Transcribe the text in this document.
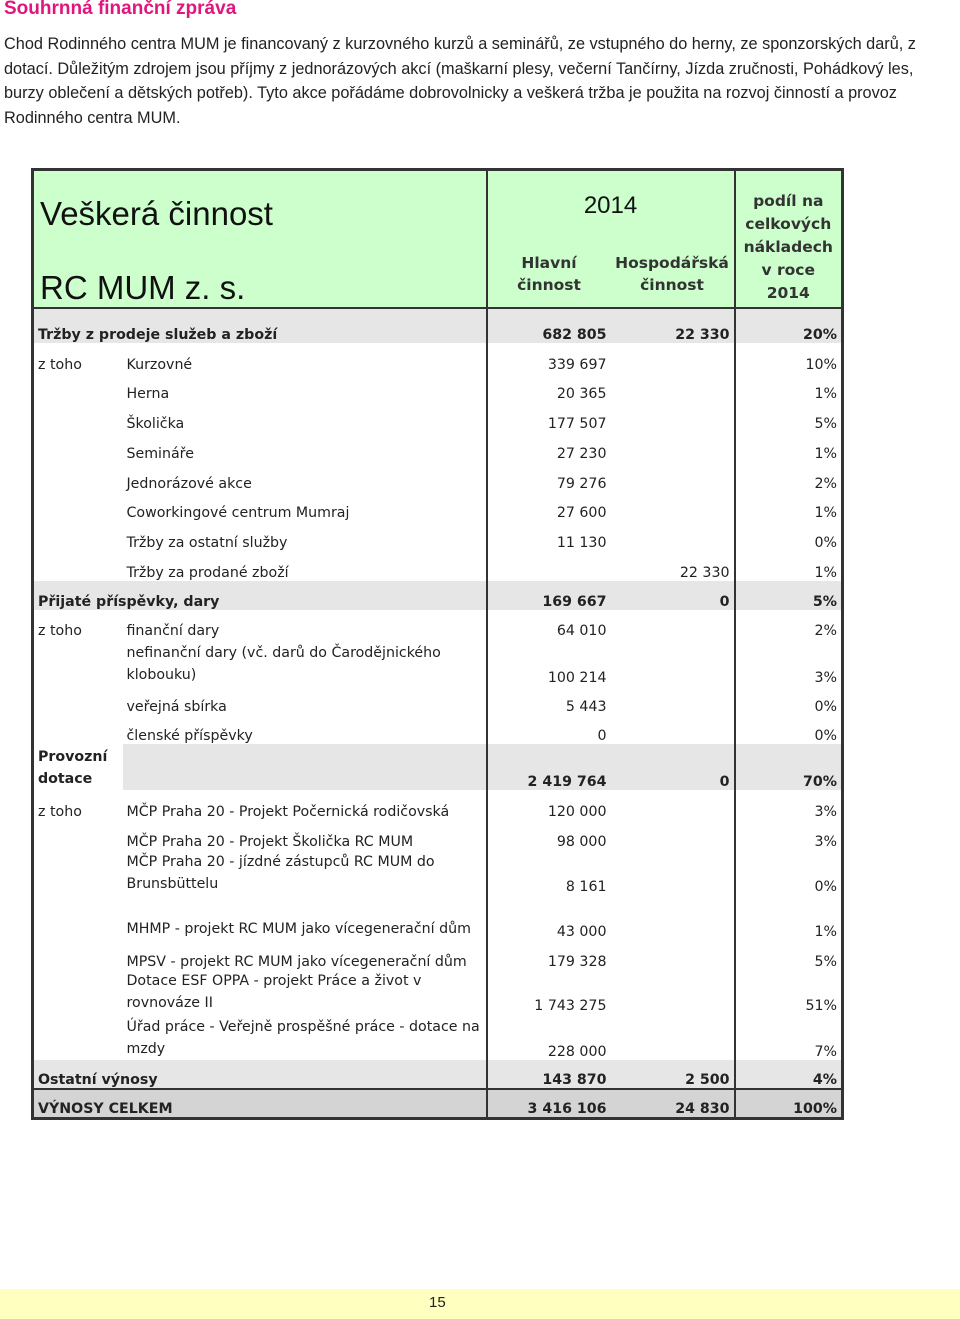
Souhrnná finanční zpráva

Chod Rodinného centra MUM je financovaný z kurzovného kurzů a seminářů, ze vstupného do herny, ze sponzorských darů, z dotací. Důležitým zdrojem jsou příjmy z jednorázových akcí (maškarní plesy, večerní Tančírny, Jízda zručnosti, Pohádkový les, burzy oblečení a dětských potřeb). Tyto akce pořádáme dobrovolnicky a veškerá tržba je použita na rozvoj činností a provoz Rodinného centra MUM.

Veškerá činnost
RC MUM z. s.		2014		podíl na celkových nákladech v roce 2014
		Hlavní činnost	Hospodářská činnost	
Tržby z prodeje služeb a zboží		682 805	22 330	20%
z toho	Kurzovné	339 697		10%
	Herna	20 365		1%
	Školička	177 507		5%
	Semináře	27 230		1%
	Jednorázové akce	79 276		2%
	Coworkingové centrum Mumraj	27 600		1%
	Tržby za ostatní služby	11 130		0%
	Tržby za prodané zboží		22 330	1%
Přijaté příspěvky, dary		169 667	0	5%
z toho	finanční dary	64 010		2%
	nefinanční dary (vč. darů do Čarodějnického klobouku)	100 214		3%
	veřejná sbírka	5 443		0%
	členské příspěvky	0		0%
Provozní dotace		2 419 764	0	70%
z toho	MČP Praha 20 - Projekt Počernická rodičovská	120 000		3%
	MČP Praha 20 - Projekt Školička RC MUM	98 000		3%
	MČP Praha 20 - jízdné zástupců RC MUM do Brunsbüttelu	8 161		0%
	MHMP - projekt RC MUM jako vícegenerační dům	43 000		1%
	MPSV - projekt RC MUM jako vícegenerační dům	179 328		5%
	Dotace ESF OPPA - projekt Práce a život v rovnováze II	1 743 275		51%
	Úřad práce - Veřejně prospěšné práce - dotace na mzdy	228 000		7%
Ostatní výnosy		143 870	2 500	4%
VÝNOSY CELKEM		3 416 106	24 830	100%
15
